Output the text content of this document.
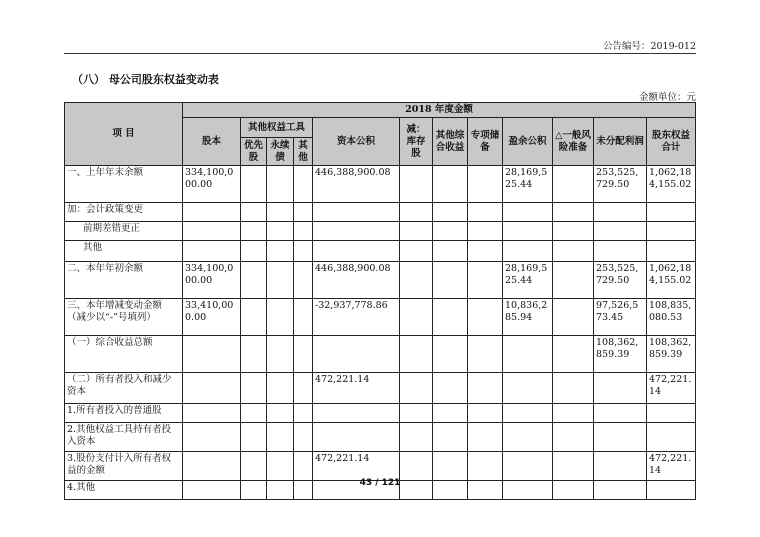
公告编号：2019-012
（八） 母公司股东权益变动表
金额单位：元
项 目	2018 年度金额											
	股本	其他权益工具			资本公积	减：库存股	其他综合收益	专项储备	盈余公积	△一般风险准备	未分配利润	股东权益合计
		优先股	永续债	其他								
一、上年年末余额	334,100,000.00				446,388,900.08				28,169,525.44		253,525,729.50	1,062,184,155.02
加：会计政策变更												
前期差错更正												
其他												
二、本年年初余额	334,100,000.00				446,388,900.08				28,169,525.44		253,525,729.50	1,062,184,155.02
三、本年增减变动金额（减少以“-”号填列）	33,410,000.00				-32,937,778.86				10,836,285.94		97,526,573.45	108,835,080.53
（一）综合收益总额											108,362,859.39	108,362,859.39
（二）所有者投入和减少资本					472,221.14							472,221.14
1.所有者投入的普通股												
2.其他权益工具持有者投入资本												
3.股份支付计入所有者权益的金额					472,221.14							472,221.14
4.其他													43 / 121
